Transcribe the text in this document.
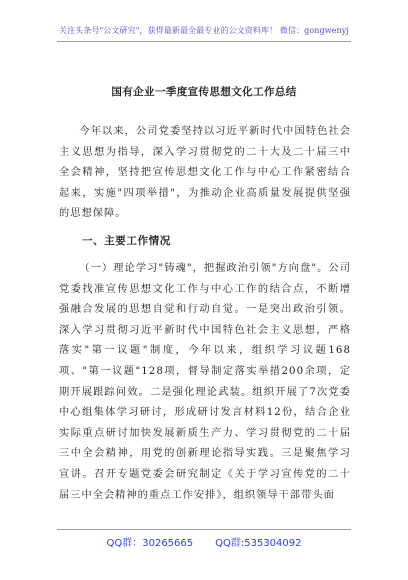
关注头条号"公文研究"，获得最新最全最专业的公文资料库！ 微信：gongwenyj
国有企业一季度宣传思想文化工作总结
今年以来，公司党委坚持以习近平新时代中国特色社会主义思想为指导，深入学习贯彻党的二十大及二十届三中全会精神，坚持把宣传思想文化工作与中心工作紧密结合起来，实施"四项举措"，为推动企业高质量发展提供坚强的思想保障。
一、主要工作情况
（一）理论学习"铸魂"，把握政治引领"方向盘"。公司党委找准宣传思想文化工作与中心工作的结合点，不断增强融合发展的思想自觉和行动自觉。一是突出政治引领。深入学习贯彻习近平新时代中国特色社会主义思想，严格落实"第一议题"制度，今年以来，组织学习议题168项、"第一议题"128项，督导制定落实举措200余项，定期开展跟踪问效。二是强化理论武装。组织开展了7次党委中心组集体学习研讨，形成研讨发言材料12份，结合企业实际重点研讨加快发展新质生产力、学习贯彻党的二十届三中全会精神，用党的创新理论指导实践。三是聚焦学习宣讲。召开专题党委会研究制定《关于学习宣传党的二十届三中全会精神的重点工作安排》，组织领导干部带头面
QQ群：30265665 QQ群:535304092
